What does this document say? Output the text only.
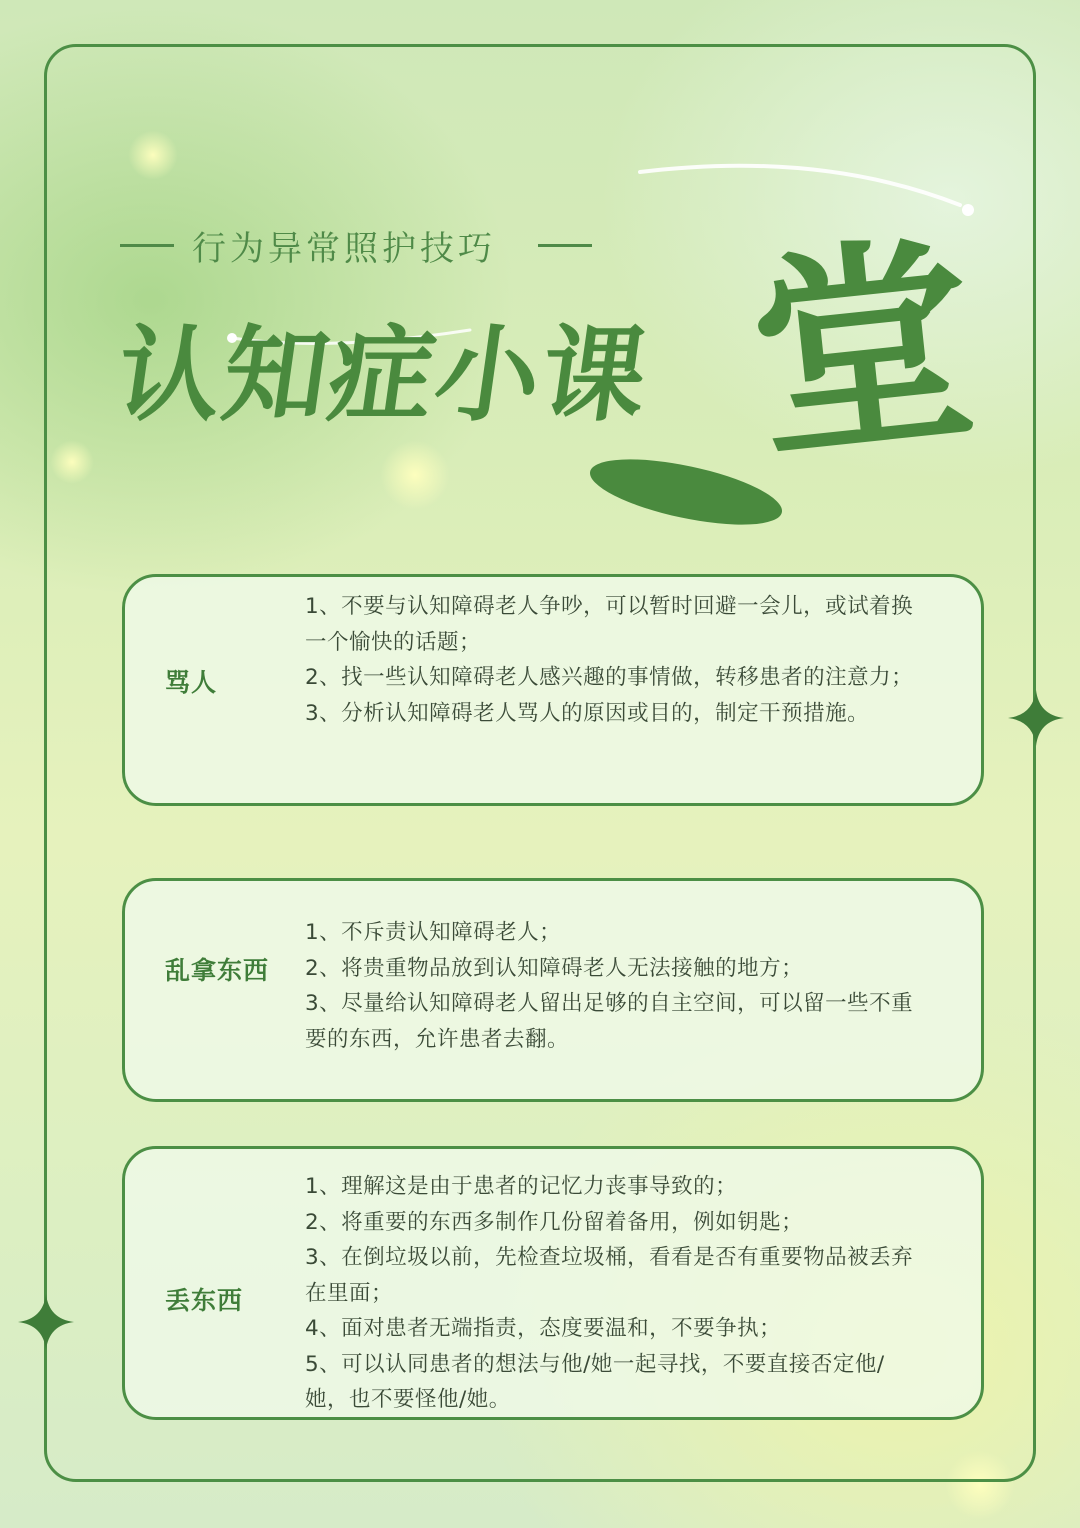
行为异常照护技巧
认知症小课 堂
骂人
1、不要与认知障碍老人争吵，可以暂时回避一会儿，或试着换一个愉快的话题；
2、找一些认知障碍老人感兴趣的事情做，转移患者的注意力；
3、分析认知障碍老人骂人的原因或目的，制定干预措施。
乱拿东西
1、不斥责认知障碍老人；
2、将贵重物品放到认知障碍老人无法接触的地方；
3、尽量给认知障碍老人留出足够的自主空间，可以留一些不重要的东西，允许患者去翻。
丢东西
1、理解这是由于患者的记忆力丧事导致的；
2、将重要的东西多制作几份留着备用，例如钥匙；
3、在倒垃圾以前，先检查垃圾桶，看看是否有重要物品被丢弃在里面；
4、面对患者无端指责，态度要温和，不要争执；
5、可以认同患者的想法与他/她一起寻找，不要直接否定他/她，也不要怪他/她。
